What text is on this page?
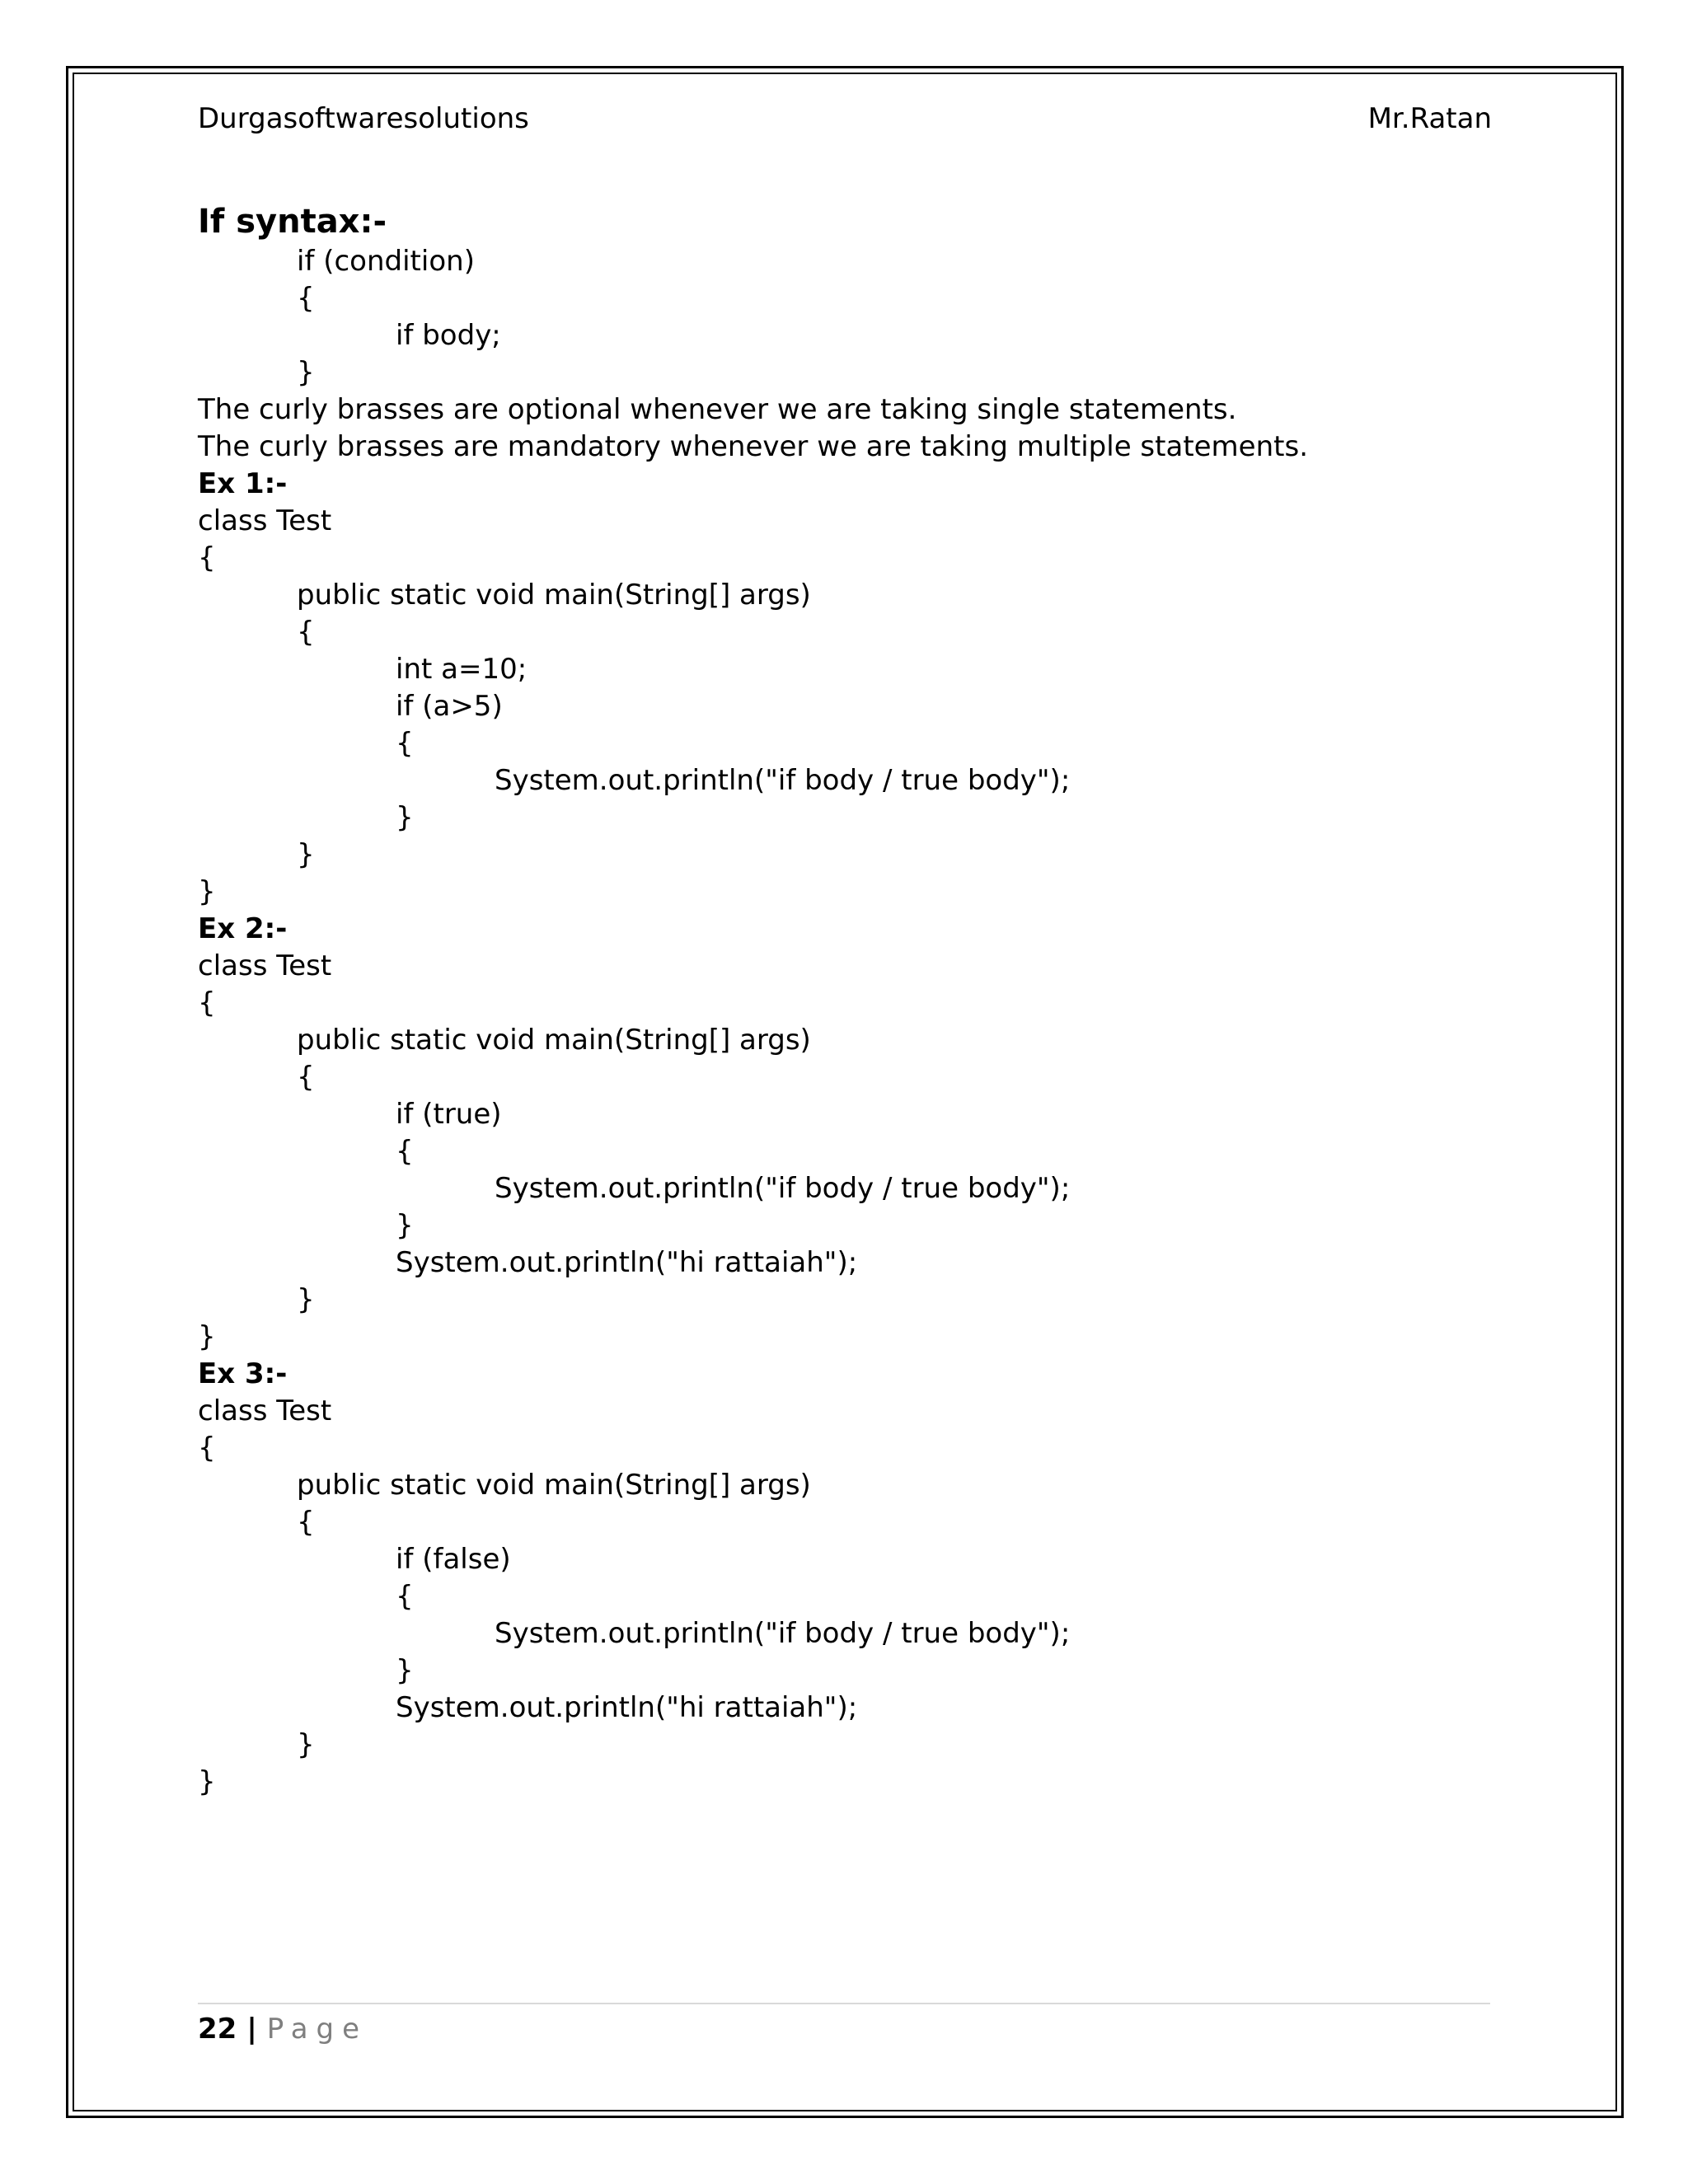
Durgasoftwaresolutions	Mr.Ratan
If syntax:-
if (condition)
{
if body;
}
The curly brasses are optional whenever we are taking single statements.
The curly brasses are mandatory whenever we are taking multiple statements.
Ex 1:-
class Test
{
public static void main(String[] args)
{
int a=10;
if (a>5)
{
System.out.println("if body / true body");
}
}
}
Ex 2:-
class Test
{
public static void main(String[] args)
{
if (true)
{
System.out.println("if body / true body");
}
System.out.println("hi rattaiah");
}
}
Ex 3:-
class Test
{
public static void main(String[] args)
{
if (false)
{
System.out.println("if body / true body");
}
System.out.println("hi rattaiah");
}
}
22 | Page
